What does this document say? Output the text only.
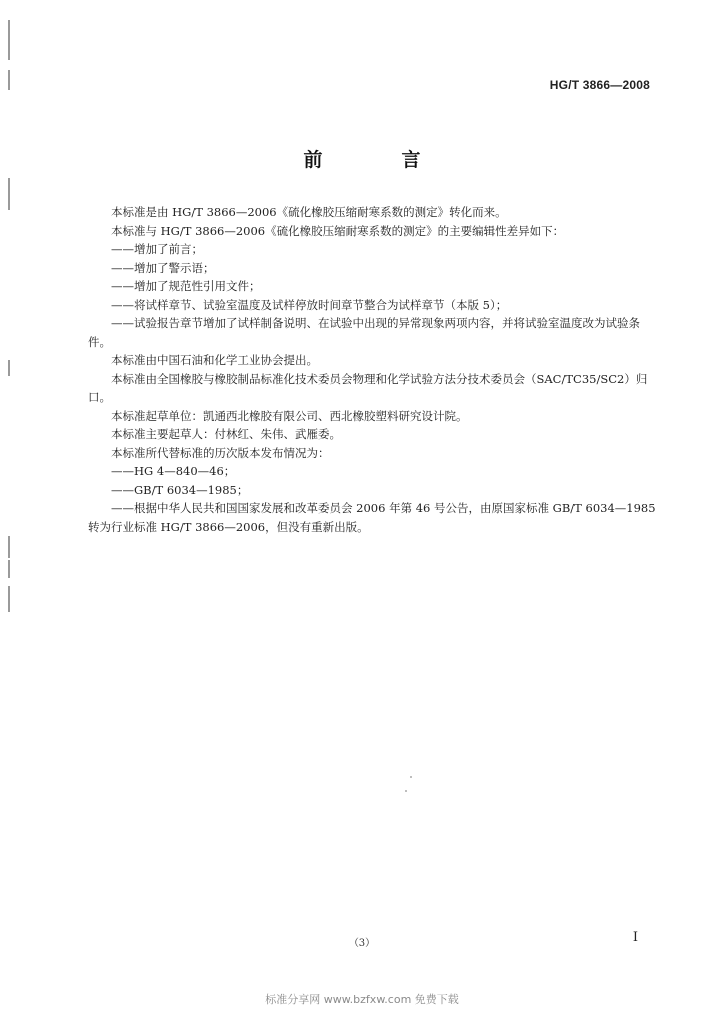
HG/T 3866—2008
前　言

本标准是由 HG/T 3866—2006《硫化橡胶压缩耐寒系数的测定》转化而来。

本标准与 HG/T 3866—2006《硫化橡胶压缩耐寒系数的测定》的主要编辑性差异如下：

——增加了前言；

——增加了警示语；

——增加了规范性引用文件；

——将试样章节、试验室温度及试样停放时间章节整合为试样章节（本版 5）；

——试验报告章节增加了试样制备说明、在试验中出现的异常现象两项内容，并将试验室温度改为试验条件。

本标准由中国石油和化学工业协会提出。

本标准由全国橡胶与橡胶制品标准化技术委员会物理和化学试验方法分技术委员会（SAC/TC35/SC2）归口。

本标准起草单位：凯通西北橡胶有限公司、西北橡胶塑料研究设计院。

本标准主要起草人：付林红、朱伟、武雁委。

本标准所代替标准的历次版本发布情况为：

——HG 4—840—46；

——GB/T 6034—1985；

——根据中华人民共和国国家发展和改革委员会 2006 年第 46 号公告，由原国家标准 GB/T 6034—1985 转为行业标准 HG/T 3866—2006，但没有重新出版。

（3）	I
标准分享网 www.bzfxw.com 免费下载
